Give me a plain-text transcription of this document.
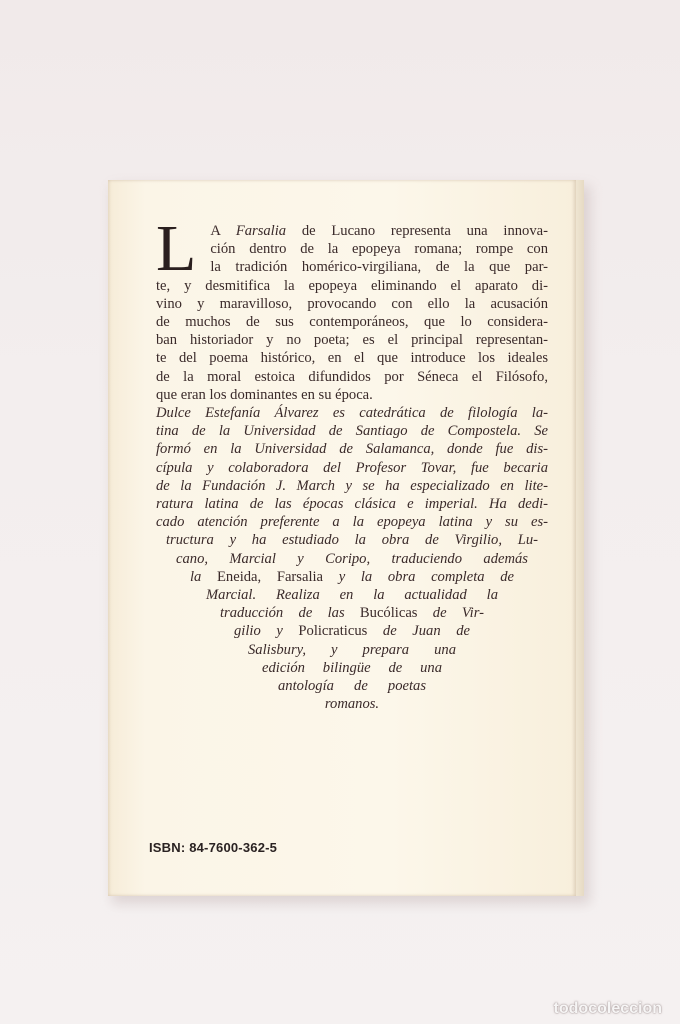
L A Farsalia de Lucano representa una innova-
ción dentro de la epopeya romana; rompe con
la tradición homérico-virgiliana, de la que par-
te, y desmitifica la epopeya eliminando el aparato di-
vino y maravilloso, provocando con ello la acusación
de muchos de sus contemporáneos, que lo considera-
ban historiador y no poeta; es el principal representan-
te del poema histórico, en el que introduce los ideales
de la moral estoica difundidos por Séneca el Filósofo,
que eran los dominantes en su época.
Dulce Estefanía Álvarez es catedrática de filología la-
tina de la Universidad de Santiago de Compostela. Se
formó en la Universidad de Salamanca, donde fue dis-
cípula y colaboradora del Profesor Tovar, fue becaria
de la Fundación J. March y se ha especializado en lite-
ratura latina de las épocas clásica e imperial. Ha dedi-
cado atención preferente a la epopeya latina y su es-
tructura y ha estudiado la obra de Virgilio, Lu-
cano, Marcial y Coripo, traduciendo además
la Eneida, Farsalia y la obra completa de
Marcial. Realiza en la actualidad la
traducción de las Bucólicas de Vir-
gilio y Policraticus de Juan de
Salisbury, y prepara una
edición bilingüe de una
antología de poetas
romanos.
ISBN: 84-7600-362-5
todocoleccion
